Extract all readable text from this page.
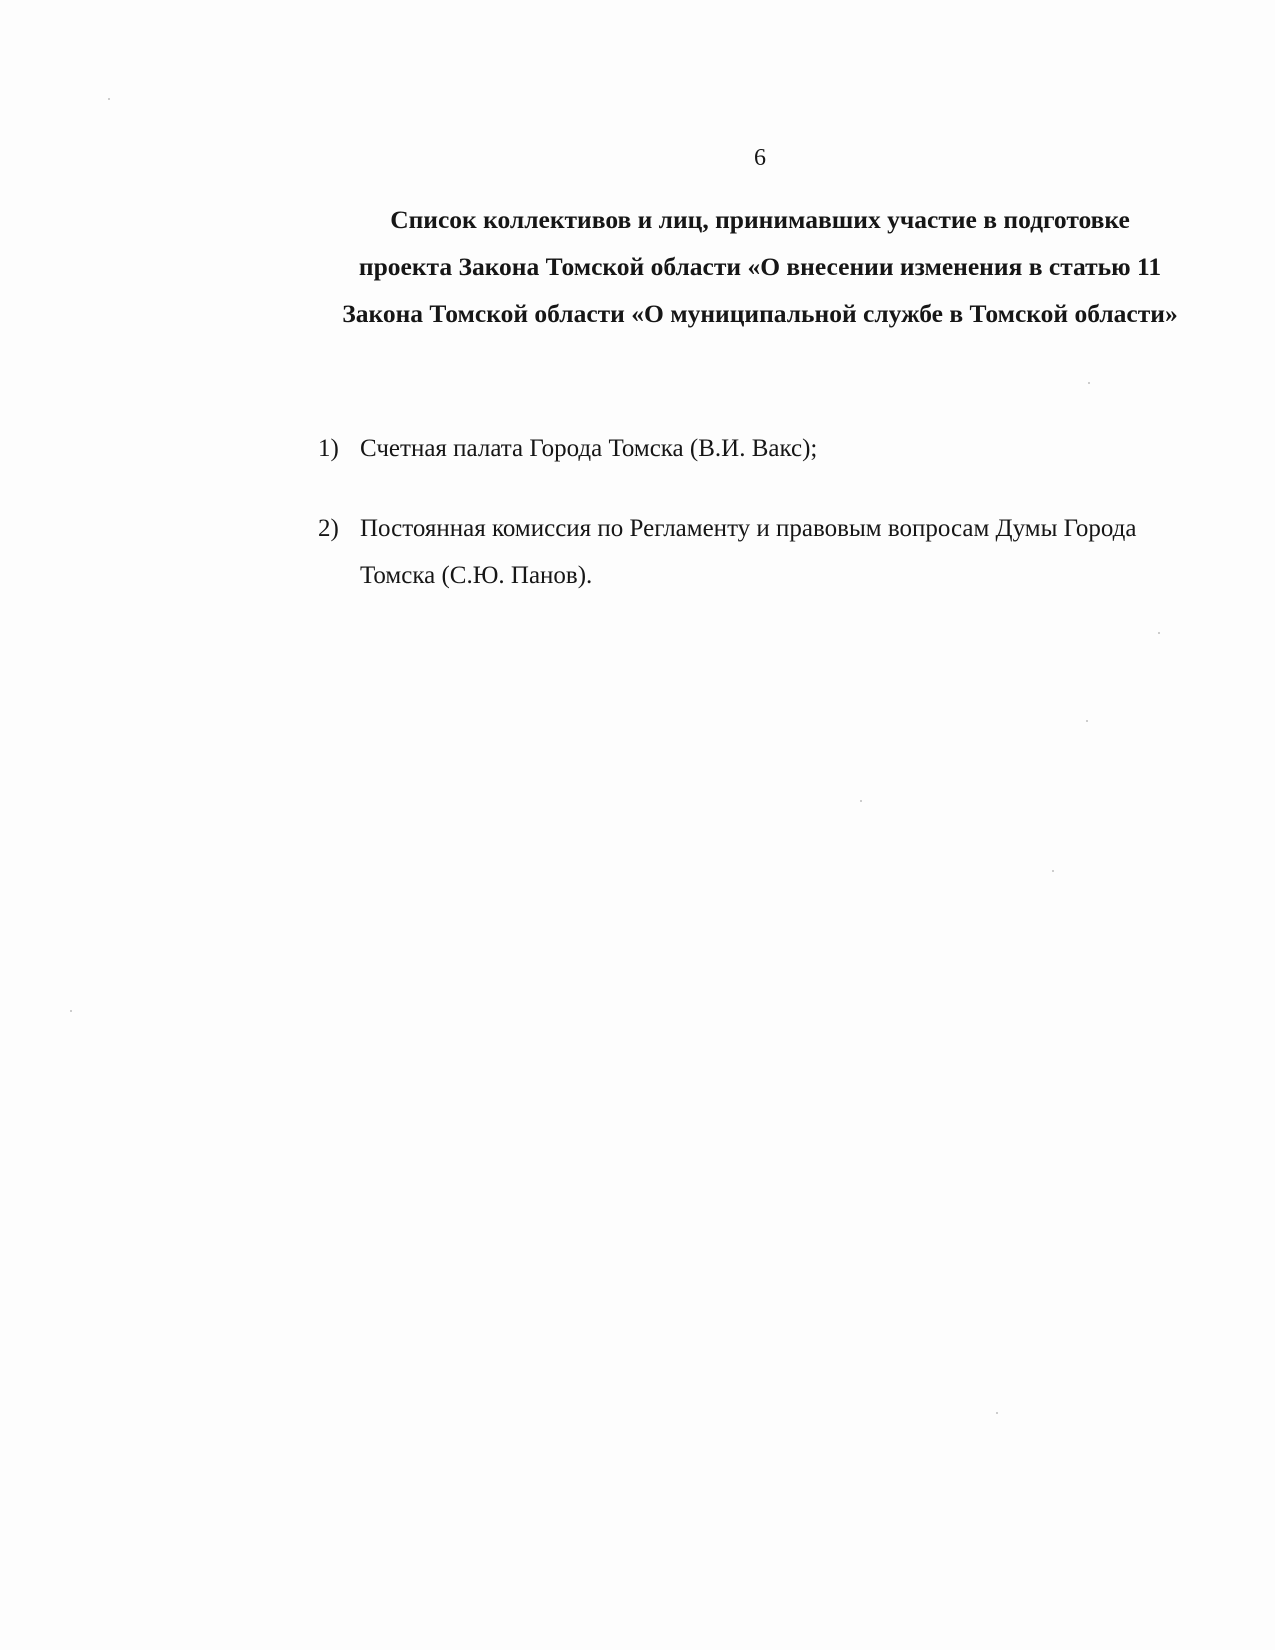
6
Список коллективов и лиц, принимавших участие в подготовке
проекта Закона Томской области «О внесении изменения в статью 11
Закона Томской области «О муниципальной службе в Томской области»
1) Счетная палата Города Томска (В.И. Вакс);
2) Постоянная комиссия по Регламенту и правовым вопросам Думы Города
Томска (С.Ю. Панов).
